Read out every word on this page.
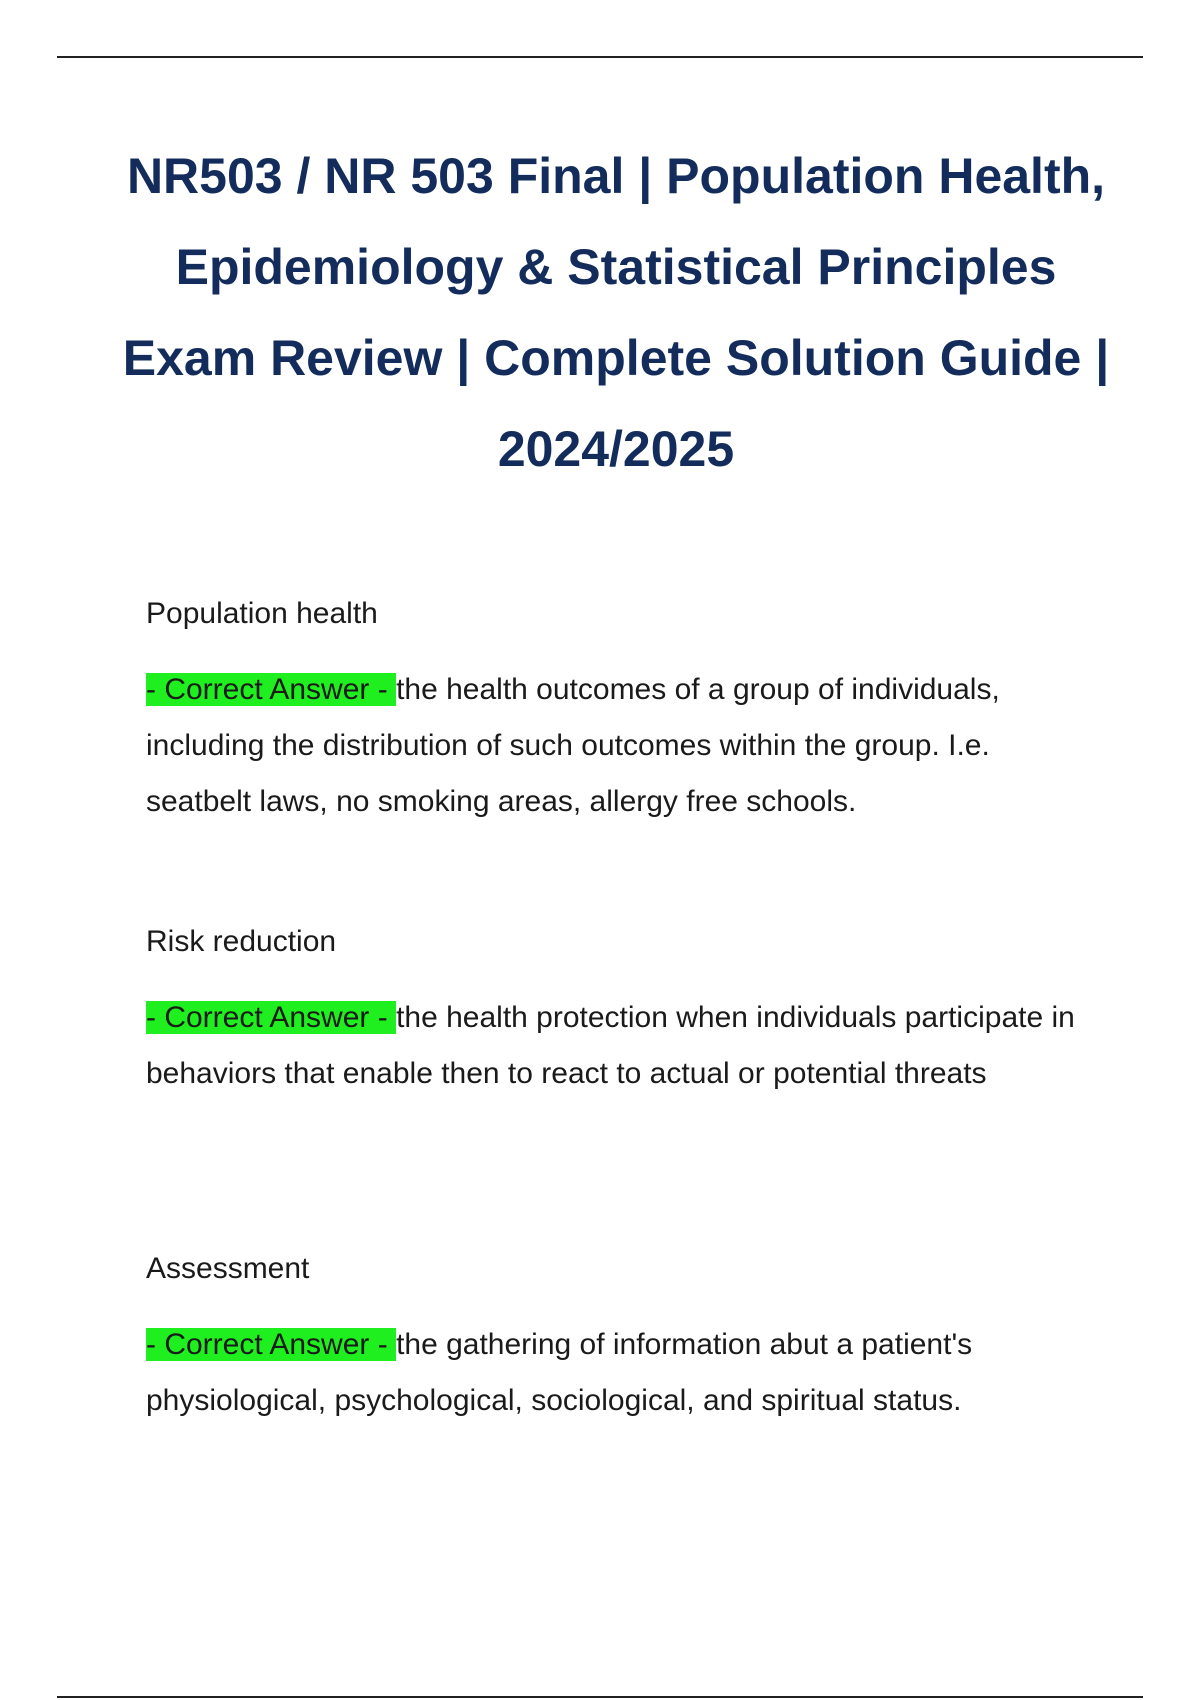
NR503 / NR 503 Final | Population Health, Epidemiology & Statistical Principles Exam Review | Complete Solution Guide | 2024/2025

Population health

- Correct Answer - the health outcomes of a group of individuals, including the distribution of such outcomes within the group. I.e. seatbelt laws, no smoking areas, allergy free schools.

Risk reduction

- Correct Answer - the health protection when individuals participate in behaviors that enable then to react to actual or potential threats

Assessment

- Correct Answer - the gathering of information abut a patient's physiological, psychological, sociological, and spiritual status.
